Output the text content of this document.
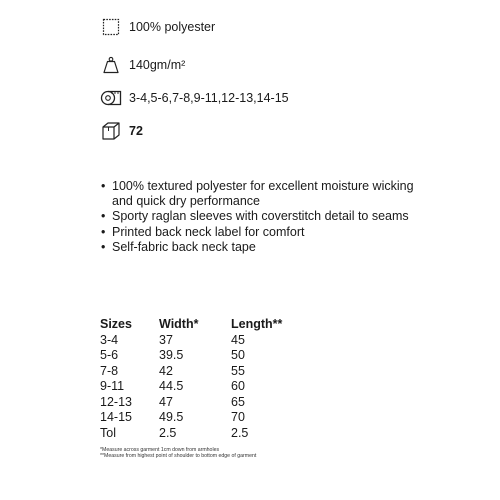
100% polyester
140gm/m²
3-4,5-6,7-8,9-11,12-13,14-15
72
• 100% textured polyester for excellent moisture wicking and quick dry performance
• Sporty raglan sleeves with coverstitch detail to seams
• Printed back neck label for comfort
• Self-fabric back neck tape
Sizes	Width*	Length**
3-4	37	45
5-6	39.5	50
7-8	42	55
9-11	44.5	60
12-13	47	65
14-15	49.5	70
Tol	2.5	2.5
*Measure across garment 1cm down from armholes
**Measure from highest point of shoulder to bottom edge of garment
